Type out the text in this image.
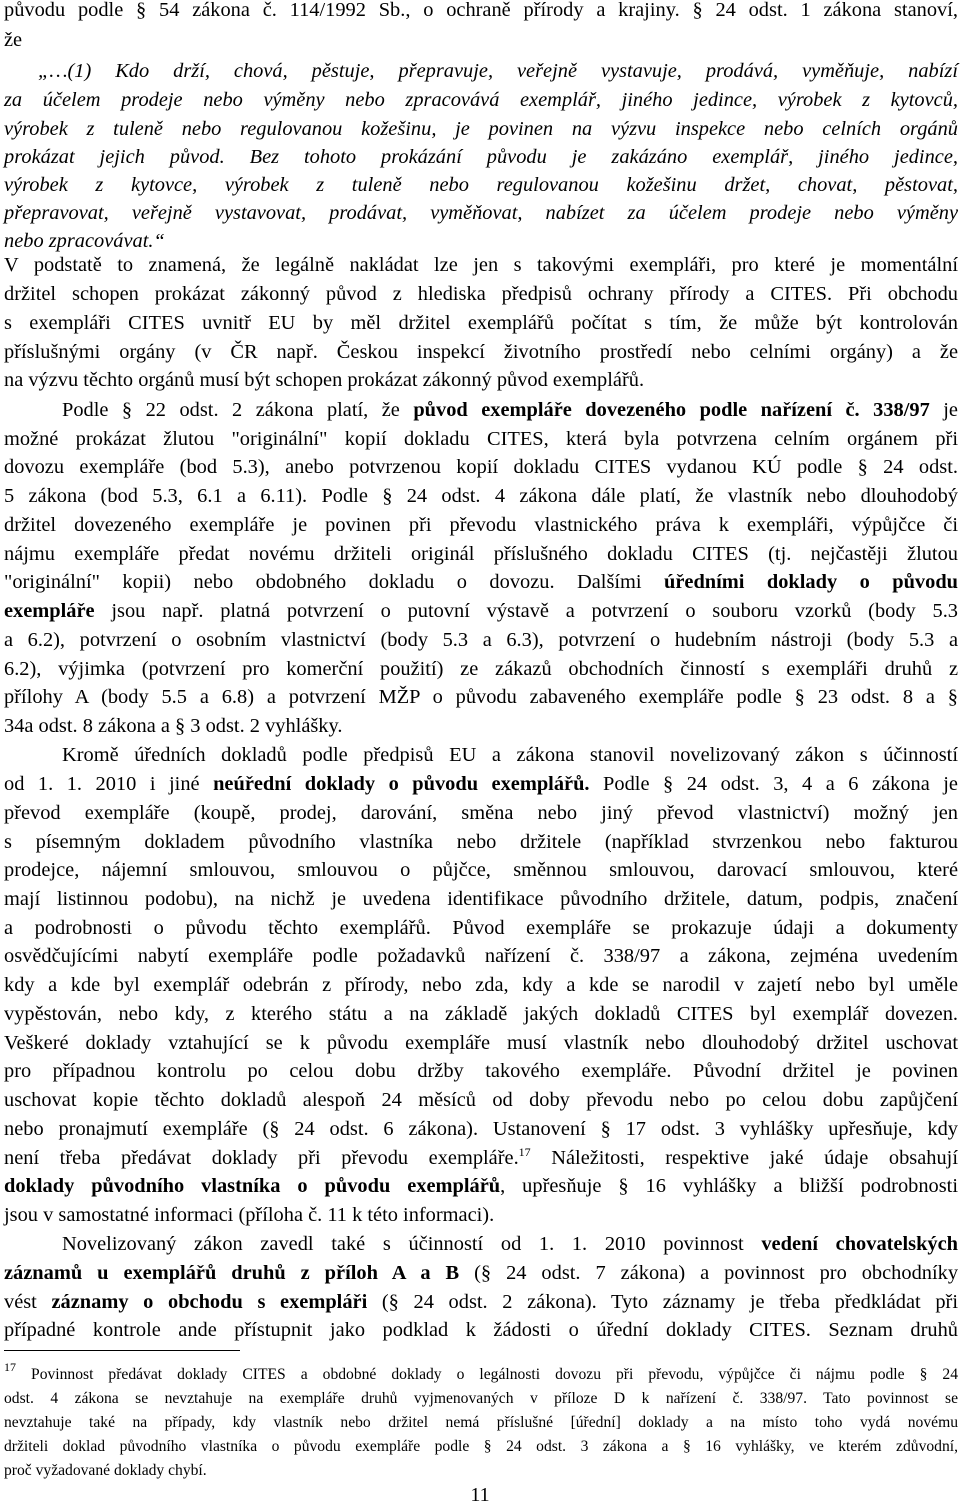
původu podle § 54 zákona č. 114/1992 Sb., o ochraně přírody a krajiny. § 24 odst. 1 zákona stanoví,
že
„…(1) Kdo drží, chová, pěstuje, přepravuje, veřejně vystavuje, prodává, vyměňuje, nabízí
za účelem prodeje nebo výměny nebo zpracovává exemplář, jiného jedince, výrobek z kytovců,
výrobek z tuleně nebo regulovanou kožešinu, je povinen na výzvu inspekce nebo celních orgánů
prokázat jejich původ. Bez tohoto prokázání původu je zakázáno exemplář, jiného jedince,
výrobek z kytovce, výrobek z tuleně nebo regulovanou kožešinu držet, chovat, pěstovat,
přepravovat, veřejně vystavovat, prodávat, vyměňovat, nabízet za účelem prodeje nebo výměny
nebo zpracovávat.“
V podstatě to znamená, že legálně nakládat lze jen s takovými exempláři, pro které je momentální
držitel schopen prokázat zákonný původ z hlediska předpisů ochrany přírody a CITES. Při obchodu
s exempláři CITES uvnitř EU by měl držitel exemplářů počítat s tím, že může být kontrolován
příslušnými orgány (v ČR např. Českou inspekcí životního prostředí nebo celními orgány) a že
na výzvu těchto orgánů musí být schopen prokázat zákonný původ exemplářů.
Podle § 22 odst. 2 zákona platí, že původ exempláře dovezeného podle nařízení č. 338/97 je
možné prokázat žlutou "originální" kopií dokladu CITES, která byla potvrzena celním orgánem při
dovozu exempláře (bod 5.3), anebo potvrzenou kopií dokladu CITES vydanou KÚ podle § 24 odst.
5 zákona (bod 5.3, 6.1 a 6.11). Podle § 24 odst. 4 zákona dále platí, že vlastník nebo dlouhodobý
držitel dovezeného exempláře je povinen při převodu vlastnického práva k exempláři, výpůjčce či
nájmu exempláře předat novému držiteli originál příslušného dokladu CITES (tj. nejčastěji žlutou
"originální" kopii) nebo obdobného dokladu o dovozu. Dalšími úředními doklady o původu
exempláře jsou např. platná potvrzení o putovní výstavě a potvrzení o souboru vzorků (body 5.3
a 6.2), potvrzení o osobním vlastnictví (body 5.3 a 6.3), potvrzení o hudebním nástroji (body 5.3 a
6.2), výjimka (potvrzení pro komerční použití) ze zákazů obchodních činností s exempláři druhů z
přílohy A (body 5.5 a 6.8) a potvrzení MŽP o původu zabaveného exempláře podle § 23 odst. 8 a §
34a odst. 8 zákona a § 3 odst. 2 vyhlášky.
Kromě úředních dokladů podle předpisů EU a zákona stanovil novelizovaný zákon s účinností
od 1. 1. 2010 i jiné neúřední doklady o původu exemplářů. Podle § 24 odst. 3, 4 a 6 zákona je
převod exempláře (koupě, prodej, darování, směna nebo jiný převod vlastnictví) možný jen
s písemným dokladem původního vlastníka nebo držitele (například stvrzenkou nebo fakturou
prodejce, nájemní smlouvou, smlouvou o půjčce, směnnou smlouvou, darovací smlouvou, které
mají listinnou podobu), na nichž je uvedena identifikace původního držitele, datum, podpis, značení
a podrobnosti o původu těchto exemplářů. Původ exempláře se prokazuje údaji a dokumenty
osvědčujícími nabytí exempláře podle požadavků nařízení č. 338/97 a zákona, zejména uvedením
kdy a kde byl exemplář odebrán z přírody, nebo zda, kdy a kde se narodil v zajetí nebo byl uměle
vypěstován, nebo kdy, z kterého státu a na základě jakých dokladů CITES byl exemplář dovezen.
Veškeré doklady vztahující se k původu exempláře musí vlastník nebo dlouhodobý držitel uschovat
pro případnou kontrolu po celou dobu držby takového exempláře. Původní držitel je povinen
uschovat kopie těchto dokladů alespoň 24 měsíců od doby převodu nebo po celou dobu zapůjčení
nebo pronajmutí exempláře (§ 24 odst. 6 zákona). Ustanovení § 17 odst. 3 vyhlášky upřesňuje, kdy
není třeba předávat doklady při převodu exempláře.$^{17}$ Náležitosti, respektive jaké údaje obsahují
doklady původního vlastníka o původu exemplářů, upřesňuje § 16 vyhlášky a bližší podrobnosti
jsou v samostatné informaci (příloha č. 11 k této informaci).
Novelizovaný zákon zavedl také s účinností od 1. 1. 2010 povinnost vedení chovatelských
záznamů u exemplářů druhů z příloh A a B (§ 24 odst. 7 zákona) a povinnost pro obchodníky
vést záznamy o obchodu s exempláři (§ 24 odst. 2 zákona). Tyto záznamy je třeba předkládat při
případné kontrole ande přístupnit jako podklad k žádosti o úřední doklady CITES. Seznam druhů
$^{17}$ Povinnost předávat doklady CITES a obdobné doklady o legálnosti dovozu při převodu, výpůjčce či nájmu podle § 24
odst. 4 zákona se nevztahuje na exempláře druhů vyjmenovaných v příloze D k nařízení č. 338/97. Tato povinnost se
nevztahuje také na případy, kdy vlastník nebo držitel nemá příslušné [úřední] doklady a na místo toho vydá novému
držiteli doklad původního vlastníka o původu exempláře podle § 24 odst. 3 zákona a § 16 vyhlášky, ve kterém zdůvodní,
proč vyžadované doklady chybí.
11
